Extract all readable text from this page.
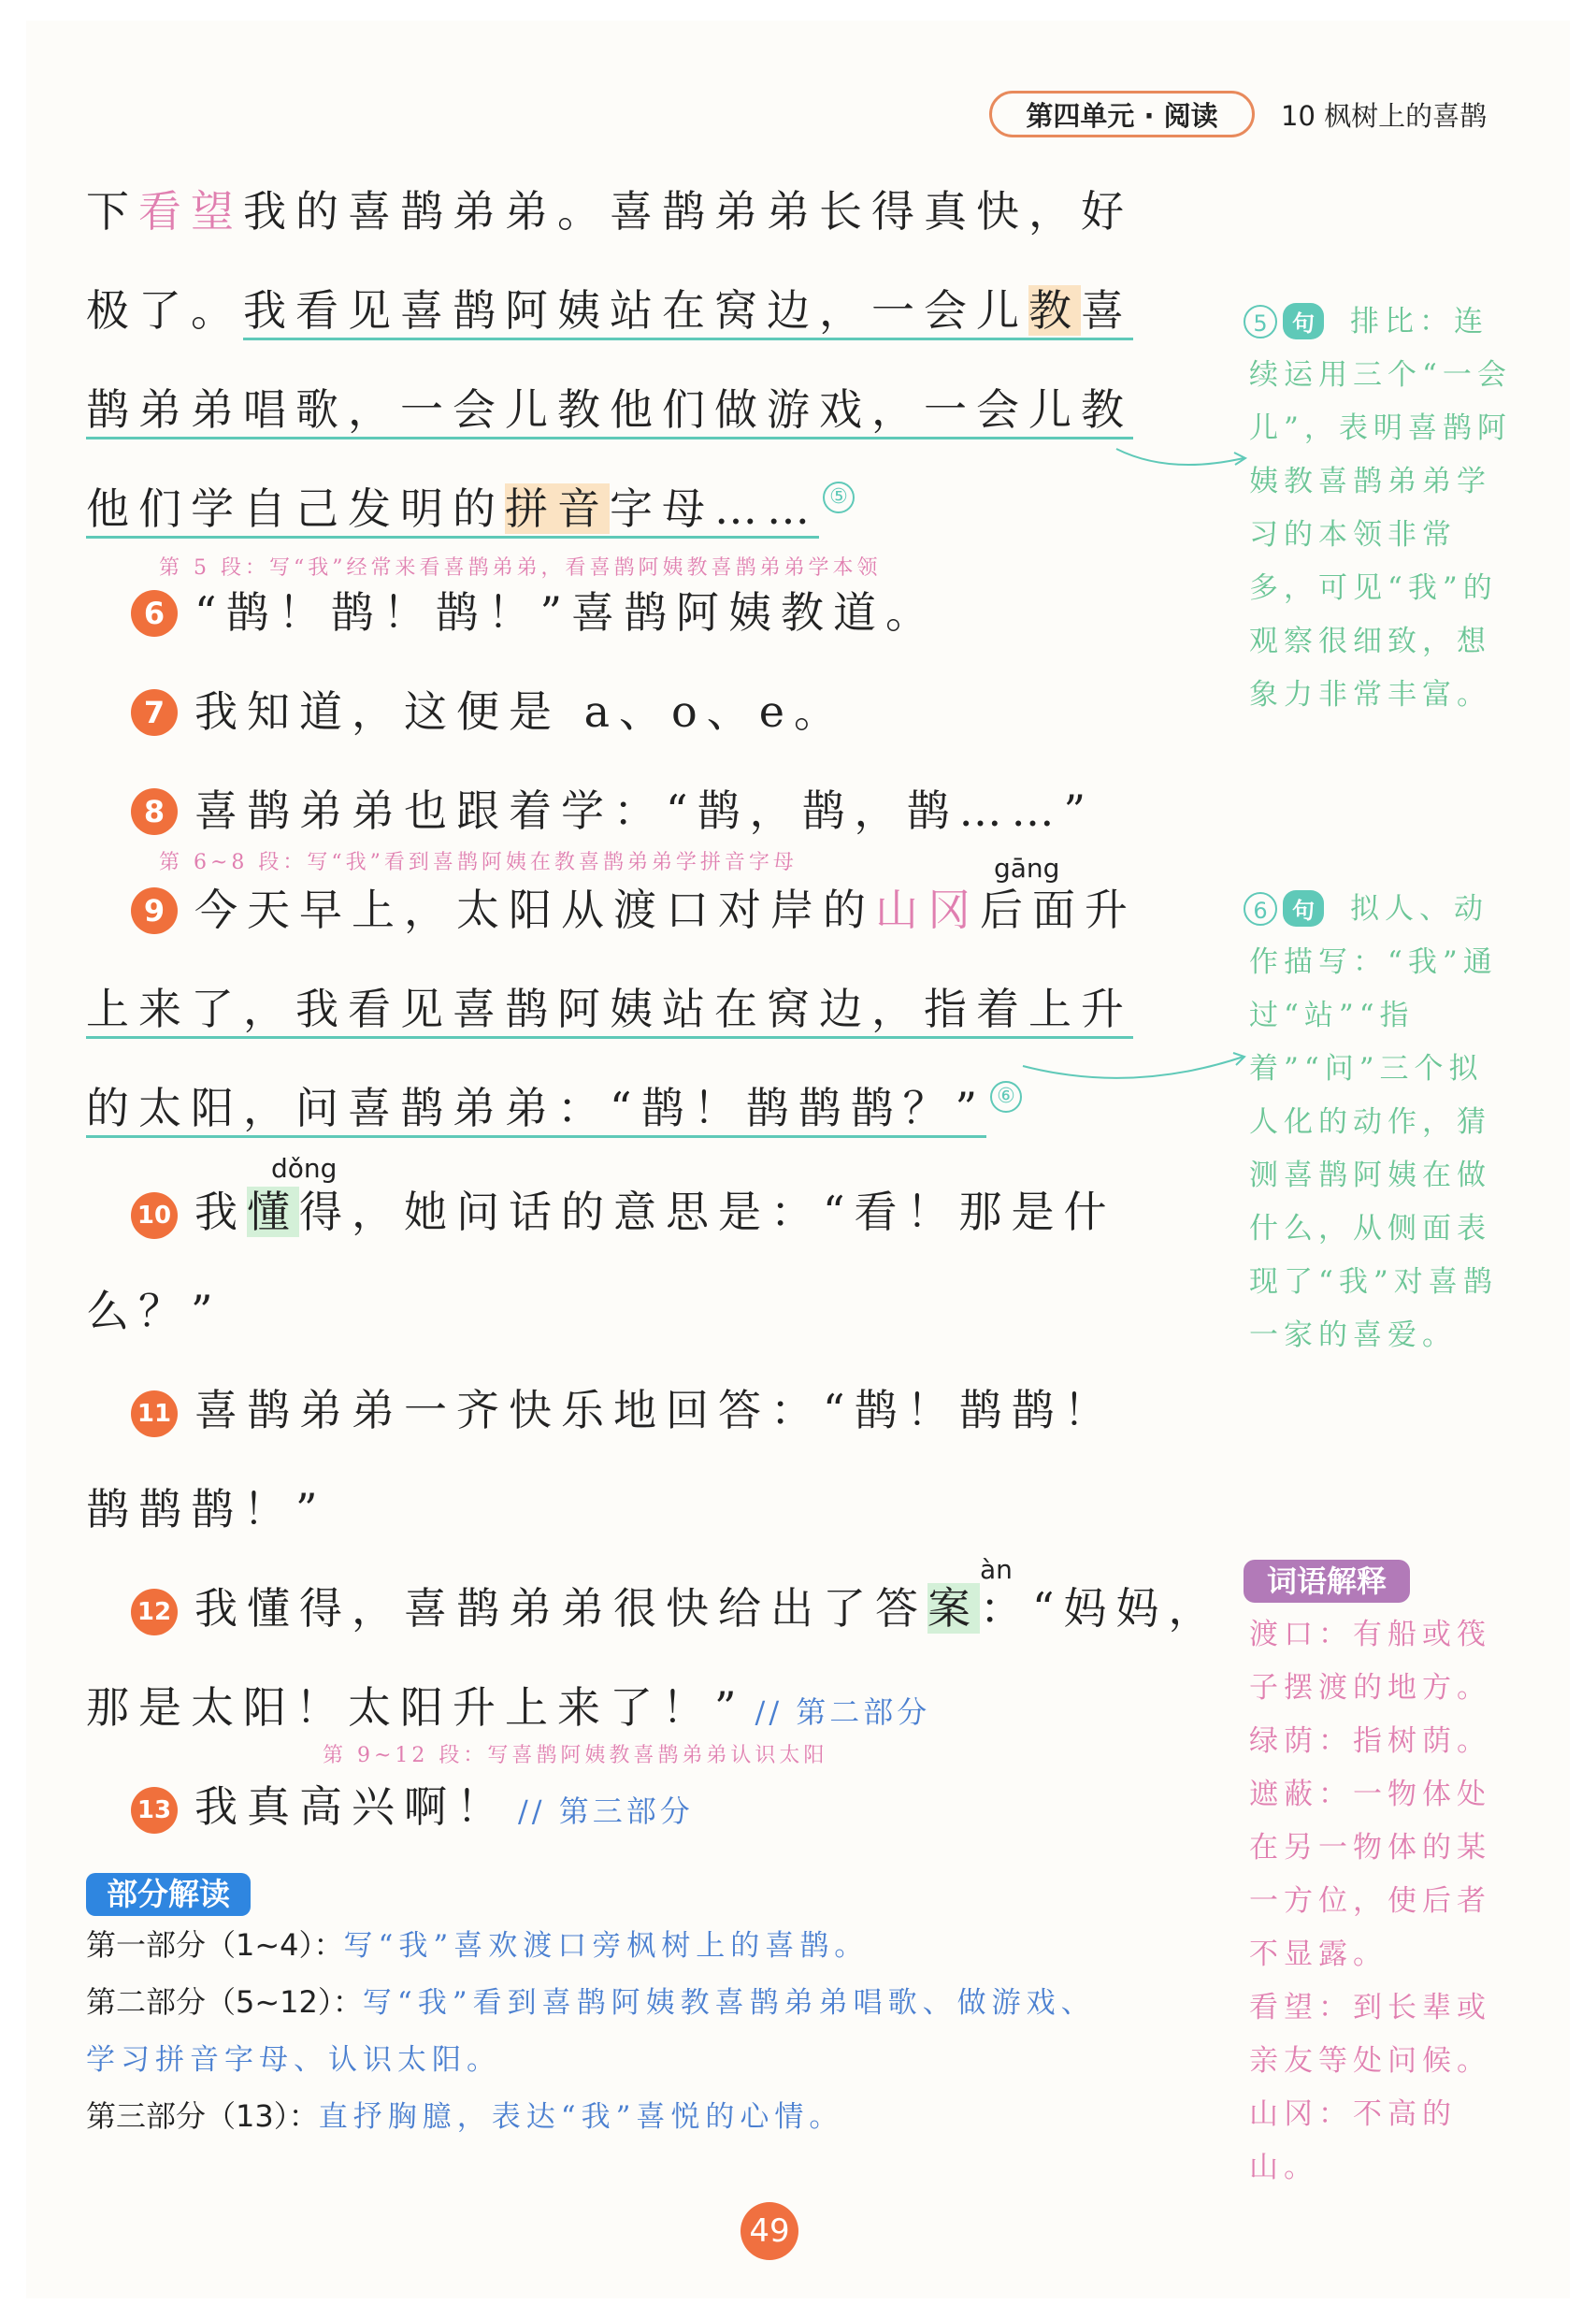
第四单元 · 阅读	10 枫树上的喜鹊
下看望我的喜鹊弟弟。喜鹊弟弟长得真快，好
极了。我看见喜鹊阿姨站在窝边，一会儿教喜
鹊弟弟唱歌，一会儿教他们做游戏，一会儿教
他们学自己发明的拼音字母…… ⑤
第 5 段：写“我”经常来看喜鹊弟弟，看喜鹊阿姨教喜鹊弟弟学本领
6 “鹊！鹊！鹊！”喜鹊阿姨教道。
7 我知道，这便是 a、o、e。
8 喜鹊弟弟也跟着学：“鹊，鹊，鹊……”
第 6~8 段：写“我”看到喜鹊阿姨在教喜鹊弟弟学拼音字母	gāng
9 今天早上，太阳从渡口对岸的山冈后面升
上来了，我看见喜鹊阿姨站在窝边，指着上升
的太阳，问喜鹊弟弟：“鹊！鹊鹊鹊？” ⑥
dǒng
10 我懂得，她问话的意思是：“看！那是什
么？”
11 喜鹊弟弟一齐快乐地回答：“鹊！鹊鹊！
鹊鹊鹊！”
àn
12 我懂得，喜鹊弟弟很快给出了答案：“妈妈，
那是太阳！太阳升上来了！” // 第二部分
第 9~12 段：写喜鹊阿姨教喜鹊弟弟认识太阳
13 我真高兴啊！ // 第三部分
5	句	排比：连续运用三个“一会儿”，表明喜鹊阿姨教喜鹊弟弟学习的本领非常多，可见“我”的观察很细致，想象力非常丰富。
6	句	拟人、动作描写：“我”通过“站”“指着”“问”三个拟人化的动作，猜测喜鹊阿姨在做什么，从侧面表现了“我”对喜鹊一家的喜爱。
词语解释
渡口：有船或筏
子摆渡的地方。
绿荫：指树荫。
遮蔽：一物体处
在另一物体的某
一方位，使后者
不显露。
看望：到长辈或
亲友等处问候。
山冈：不高的山。
部分解读
第一部分（1~4）：写“我”喜欢渡口旁枫树上的喜鹊。
第二部分（5~12）：写“我”看到喜鹊阿姨教喜鹊弟弟唱歌、做游戏、
学习拼音字母、认识太阳。
第三部分（13）：直抒胸臆，表达“我”喜悦的心情。
49
